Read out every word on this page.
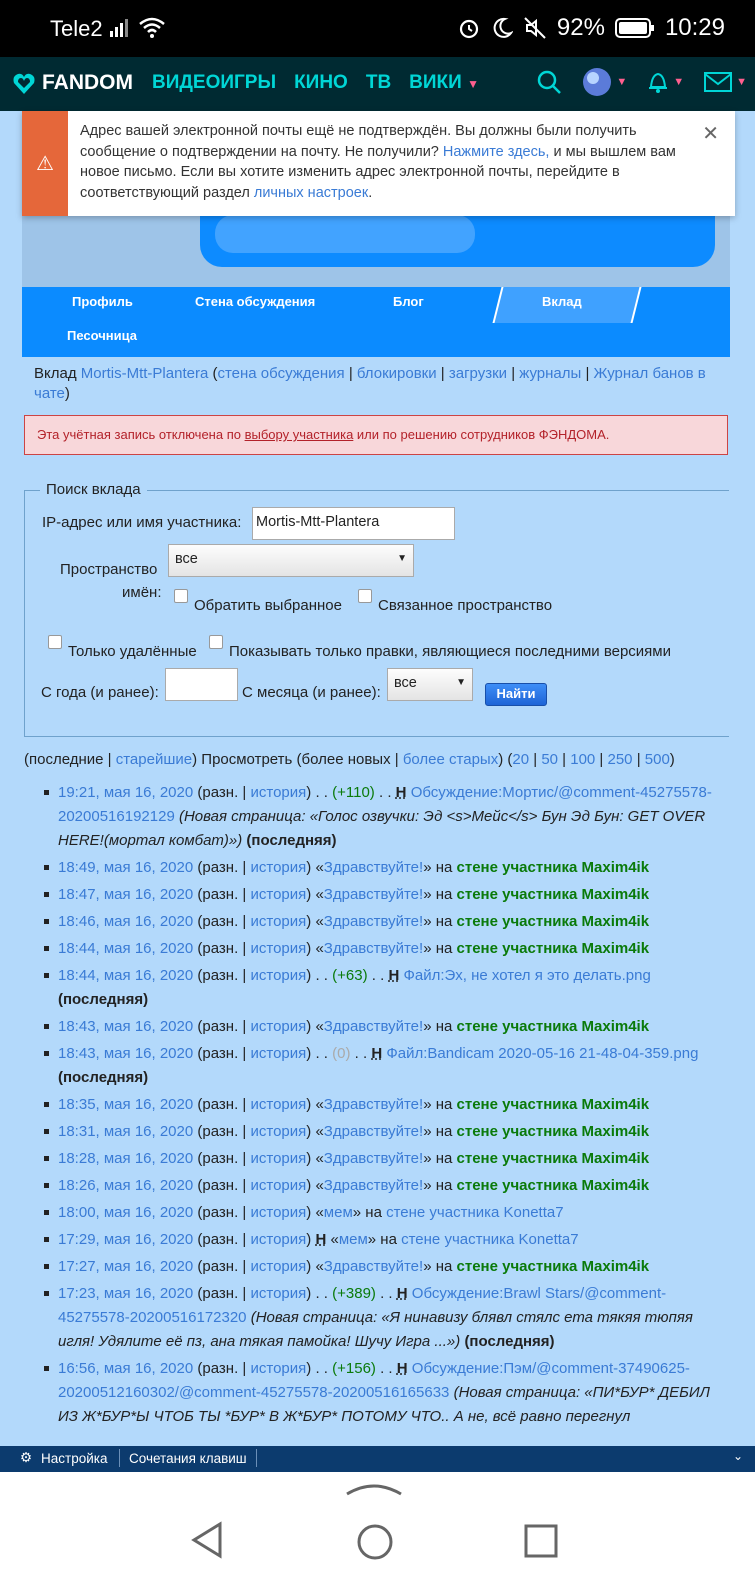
Tele2	92%	10:29
FANDOM ВИДЕОИГРЫ КИНО ТВ ВИКИ ▼	▼	▼	▼
⚠
Адрес вашей электронной почты ещё не подтверждён. Вы должны были получить сообщение о подтверждении на почту. Не получили? Нажмите здесь, и мы вышлем вам новое письмо. Если вы хотите изменить адрес электронной почты, перейдите в соответствующий раздел личных настроек.
✕
Профиль	Стена обсуждения	Блог	Вклад
Песочница
Вклад Mortis-Mtt-Plantera (стена обсуждения | блокировки | загрузки | журналы | Журнал банов в чате)
Эта учётная запись отключена по выбору участника или по решению сотрудников ФЭНДОМА.
Поиск вклада
IP-адрес или имя участника: Mortis-Mtt-Plantera
Пространство
имён:
все	▼
Обратить выбранное Связанное пространство
Только удалённые Показывать только правки, являющиеся последними версиями
С года (и ранее):	С месяца (и ранее):
все	▼
Найти
(последние | старейшие) Просмотреть (более новых | более старых) (20 | 50 | 100 | 250 | 500)
19:21, мая 16, 2020 (разн. | история) . . (+110) . . Н Обсуждение:Мортис/@comment-45275578-20200516192129 (Новая страница: «Голос озвучки: Эд <s>Мейс</s> Бун Эд Бун: GET OVER HERE!(мортал комбат)») (последняя)
18:49, мая 16, 2020 (разн. | история) «Здравствуйте!» на стене участника Maxim4ik
18:47, мая 16, 2020 (разн. | история) «Здравствуйте!» на стене участника Maxim4ik
18:46, мая 16, 2020 (разн. | история) «Здравствуйте!» на стене участника Maxim4ik
18:44, мая 16, 2020 (разн. | история) «Здравствуйте!» на стене участника Maxim4ik
18:44, мая 16, 2020 (разн. | история) . . (+63) . . Н Файл:Эх, не хотел я это делать.png (последняя)
18:43, мая 16, 2020 (разн. | история) «Здравствуйте!» на стене участника Maxim4ik
18:43, мая 16, 2020 (разн. | история) . . (0) . . Н Файл:Bandicam 2020-05-16 21-48-04-359.png (последняя)
18:35, мая 16, 2020 (разн. | история) «Здравствуйте!» на стене участника Maxim4ik
18:31, мая 16, 2020 (разн. | история) «Здравствуйте!» на стене участника Maxim4ik
18:28, мая 16, 2020 (разн. | история) «Здравствуйте!» на стене участника Maxim4ik
18:26, мая 16, 2020 (разн. | история) «Здравствуйте!» на стене участника Maxim4ik
18:00, мая 16, 2020 (разн. | история) «мем» на стене участника Konetta7
17:29, мая 16, 2020 (разн. | история) Н «мем» на стене участника Konetta7
17:27, мая 16, 2020 (разн. | история) «Здравствуйте!» на стене участника Maxim4ik
17:23, мая 16, 2020 (разн. | история) . . (+389) . . Н Обсуждение:Brawl Stars/@comment-45275578-20200516172320 (Новая страница: «Я нинавизу блявл стялс ета тякяя тюпяя игля! Удялите её пз, ана тякая памойка! Шучу Игра ...») (последняя)
16:56, мая 16, 2020 (разн. | история) . . (+156) . . Н Обсуждение:Пэм/@comment-37490625-20200512160302/@comment-45275578-20200516165633 (Новая страница: «ПИ*БУР* ДЕБИЛ ИЗ Ж*БУР*Ы ЧТОБ ТЫ *БУР* В Ж*БУР* ПОТОМУ ЧТО.. А не, всё равно перегнул
⚙ Настройка Сочетания клавиш	⌄
